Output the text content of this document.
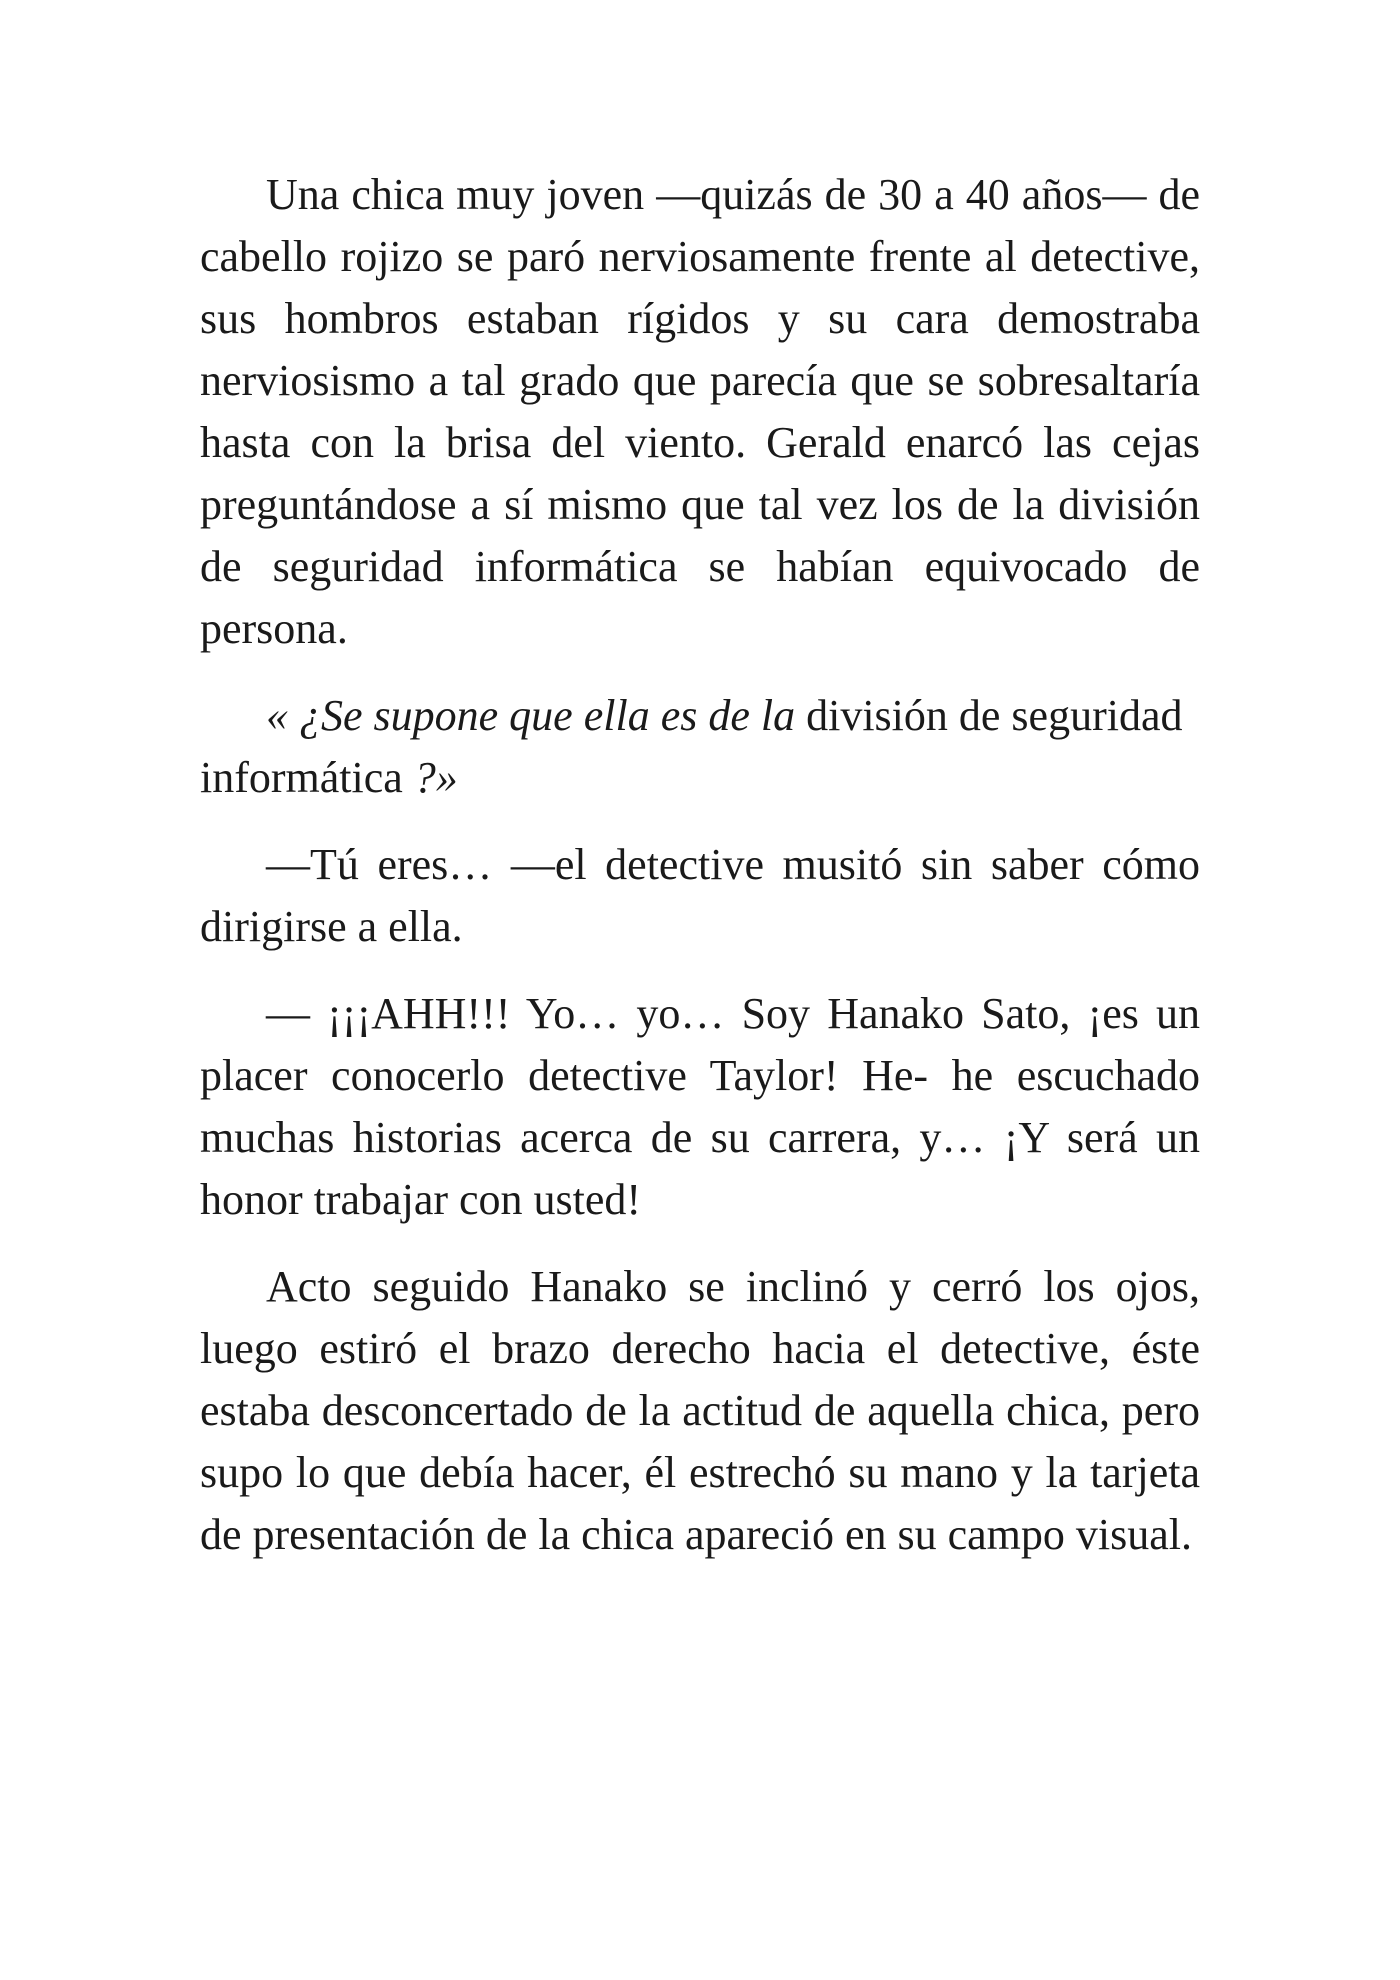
Una chica muy joven —quizás de 30 a 40 años— de cabello rojizo se paró nerviosamente frente al detective, sus hombros estaban rígidos y su cara demostraba nerviosismo a tal grado que parecía que se sobresaltaría hasta con la brisa del viento. Gerald enarcó las cejas preguntándose a sí mismo que tal vez los de la división de seguridad informática se habían equivocado de persona.

« ¿Se supone que ella es de la división de seguridad informática ?»

—Tú eres… —el detective musitó sin saber cómo dirigirse a ella.

— ¡¡¡AHH!!! Yo… yo… Soy Hanako Sato, ¡es un placer conocerlo detective Taylor! He- he escuchado muchas historias acerca de su carrera, y… ¡Y será un honor trabajar con usted!

Acto seguido Hanako se inclinó y cerró los ojos, luego estiró el brazo derecho hacia el detective, éste estaba desconcertado de la actitud de aquella chica, pero supo lo que debía hacer, él estrechó su mano y la tarjeta de presentación de la chica apareció en su campo visual.
